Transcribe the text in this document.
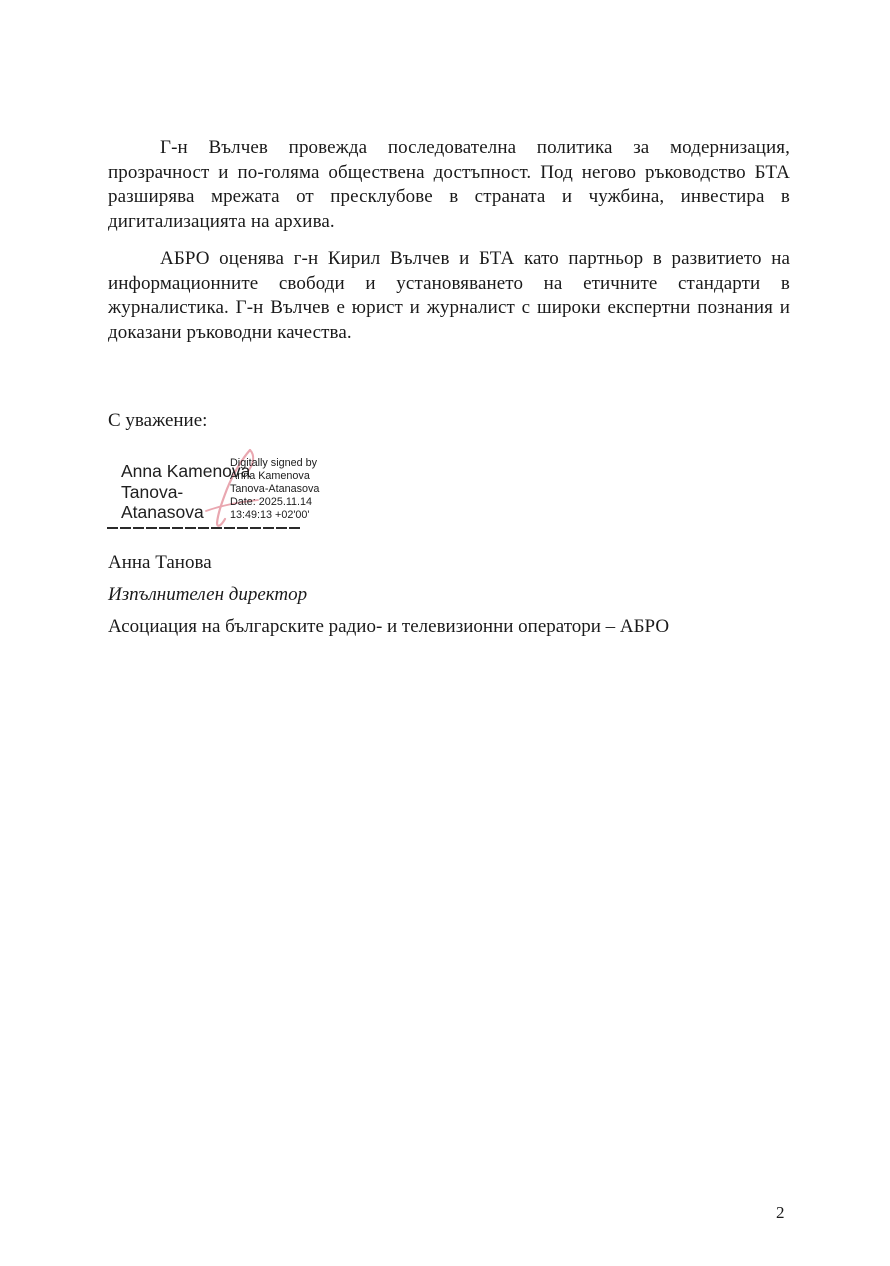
Г-н Вълчев провежда последователна политика за модернизация, прозрачност и по-голяма обществена достъпност. Под негово ръководство БТА разширява мрежата от пресклубове в страната и чужбина, инвестира в дигитализацията на архива.

АБРО оценява г-н Кирил Вълчев и БТА като партньор в развитието на информационните свободи и установяването на етичните стандарти в журналистика. Г-н Вълчев е юрист и журналист с широки експертни познания и доказани ръководни качества.

С уважение:

Anna Kamenova
Tanova-
Atanasova
Digitally signed by
Anna Kamenova
Tanova-Atanasova
Date: 2025.11.14
13:49:13 +02'00'
Анна Танова
Изпълнителен директор
Асоциация на българските радио- и телевизионни оператори – АБРО
2
